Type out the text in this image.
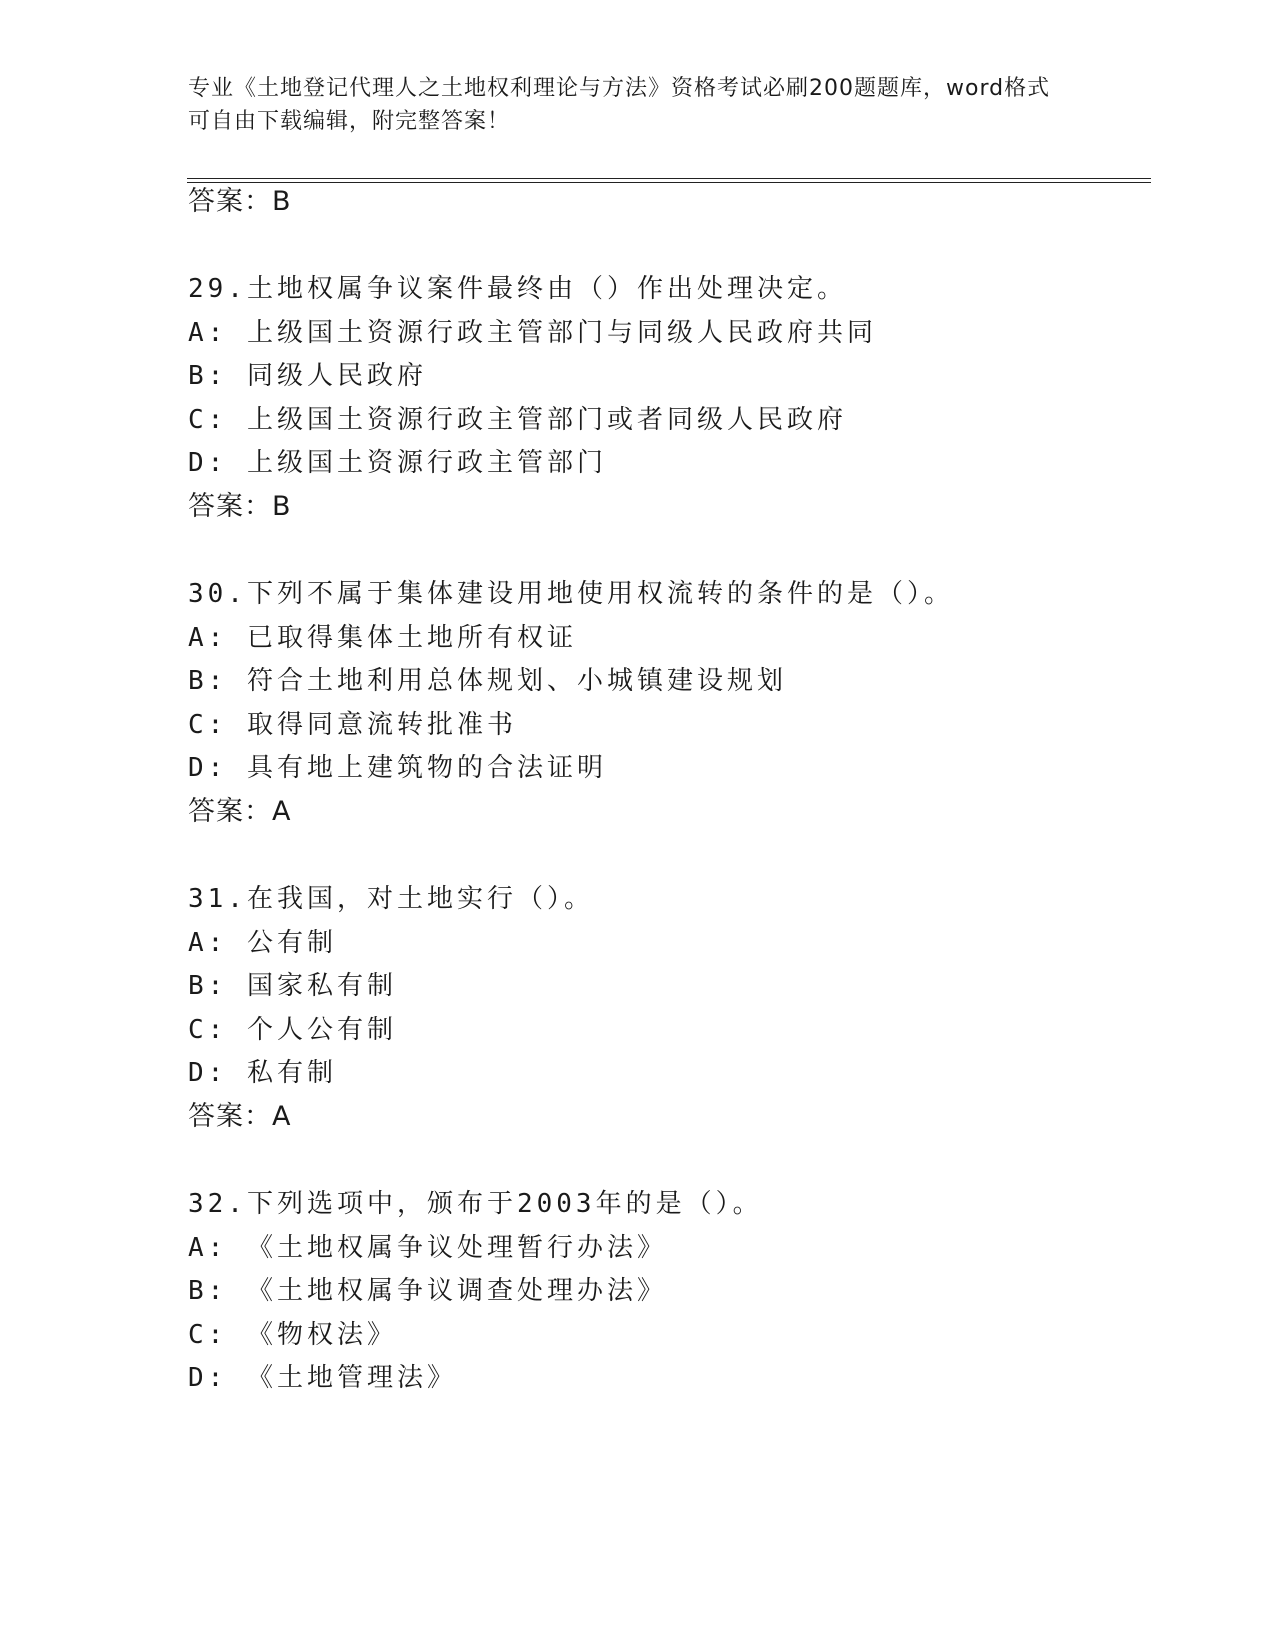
专业《土地登记代理人之土地权利理论与方法》资格考试必刷200题题库，word格式可自由下载编辑，附完整答案！
答案：B
29.土地权属争议案件最终由（）作出处理决定。
A: 上级国土资源行政主管部门与同级人民政府共同
B: 同级人民政府
C: 上级国土资源行政主管部门或者同级人民政府
D: 上级国土资源行政主管部门
答案：B
30.下列不属于集体建设用地使用权流转的条件的是（）。
A: 已取得集体土地所有权证
B: 符合土地利用总体规划、小城镇建设规划
C: 取得同意流转批准书
D: 具有地上建筑物的合法证明
答案：A
31.在我国，对土地实行（）。
A: 公有制
B: 国家私有制
C: 个人公有制
D: 私有制
答案：A
32.下列选项中，颁布于2003年的是（）。
A: 《土地权属争议处理暂行办法》
B: 《土地权属争议调查处理办法》
C: 《物权法》
D: 《土地管理法》
